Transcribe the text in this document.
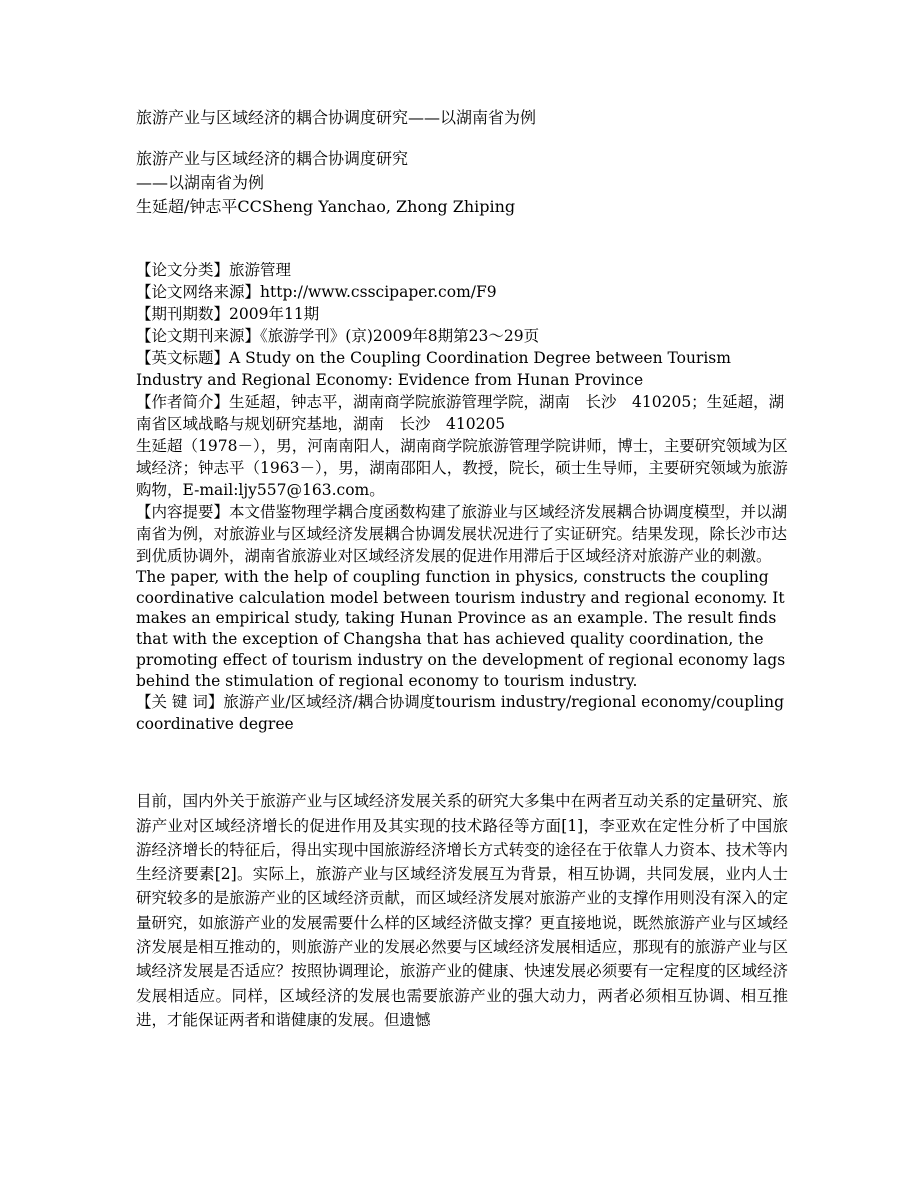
旅游产业与区域经济的耦合协调度研究——以湖南省为例
旅游产业与区域经济的耦合协调度研究
——以湖南省为例
生延超/钟志平CCSheng Yanchao, Zhong Zhiping

【论文分类】旅游管理

【论文网络来源】http://www.csscipaper.com/F9

【期刊期数】2009年11期

【论文期刊来源】《旅游学刊》(京)2009年8期第23～29页

【英文标题】A Study on the Coupling Coordination Degree between Tourism Industry and Regional Economy: Evidence from Hunan Province

【作者简介】生延超，钟志平，湖南商学院旅游管理学院，湖南　长沙　410205；生延超，湖南省区域战略与规划研究基地，湖南　长沙　410205

生延超（1978－），男，河南南阳人，湖南商学院旅游管理学院讲师，博士，主要研究领域为区域经济；钟志平（1963－），男，湖南邵阳人，教授，院长，硕士生导师，主要研究领域为旅游购物，E-mail:ljy557@163.com。

【内容提要】本文借鉴物理学耦合度函数构建了旅游业与区域经济发展耦合协调度模型，并以湖南省为例，对旅游业与区域经济发展耦合协调发展状况进行了实证研究。结果发现，除长沙市达到优质协调外，湖南省旅游业对区域经济发展的促进作用滞后于区域经济对旅游产业的刺激。

The paper, with the help of coupling function in physics, constructs the coupling coordinative calculation model between tourism industry and regional economy. It makes an empirical study, taking Hunan Province as an example. The result finds that with the exception of Changsha that has achieved quality coordination, the promoting effect of tourism industry on the development of regional economy lags behind the stimulation of regional economy to tourism industry.

【关 键 词】旅游产业/区域经济/耦合协调度tourism industry/regional economy/coupling coordinative degree

目前，国内外关于旅游产业与区域经济发展关系的研究大多集中在两者互动关系的定量研究、旅游产业对区域经济增长的促进作用及其实现的技术路径等方面[1]，李亚欢在定性分析了中国旅游经济增长的特征后，得出实现中国旅游经济增长方式转变的途径在于依靠人力资本、技术等内生经济要素[2]。实际上，旅游产业与区域经济发展互为背景，相互协调，共同发展，业内人士研究较多的是旅游产业的区域经济贡献，而区域经济发展对旅游产业的支撑作用则没有深入的定量研究，如旅游产业的发展需要什么样的区域经济做支撑？更直接地说，既然旅游产业与区域经济发展是相互推动的，则旅游产业的发展必然要与区域经济发展相适应，那现有的旅游产业与区域经济发展是否适应？按照协调理论，旅游产业的健康、快速发展必须要有一定程度的区域经济发展相适应。同样，区域经济的发展也需要旅游产业的强大动力，两者必须相互协调、相互推进，才能保证两者和谐健康的发展。但遗憾
